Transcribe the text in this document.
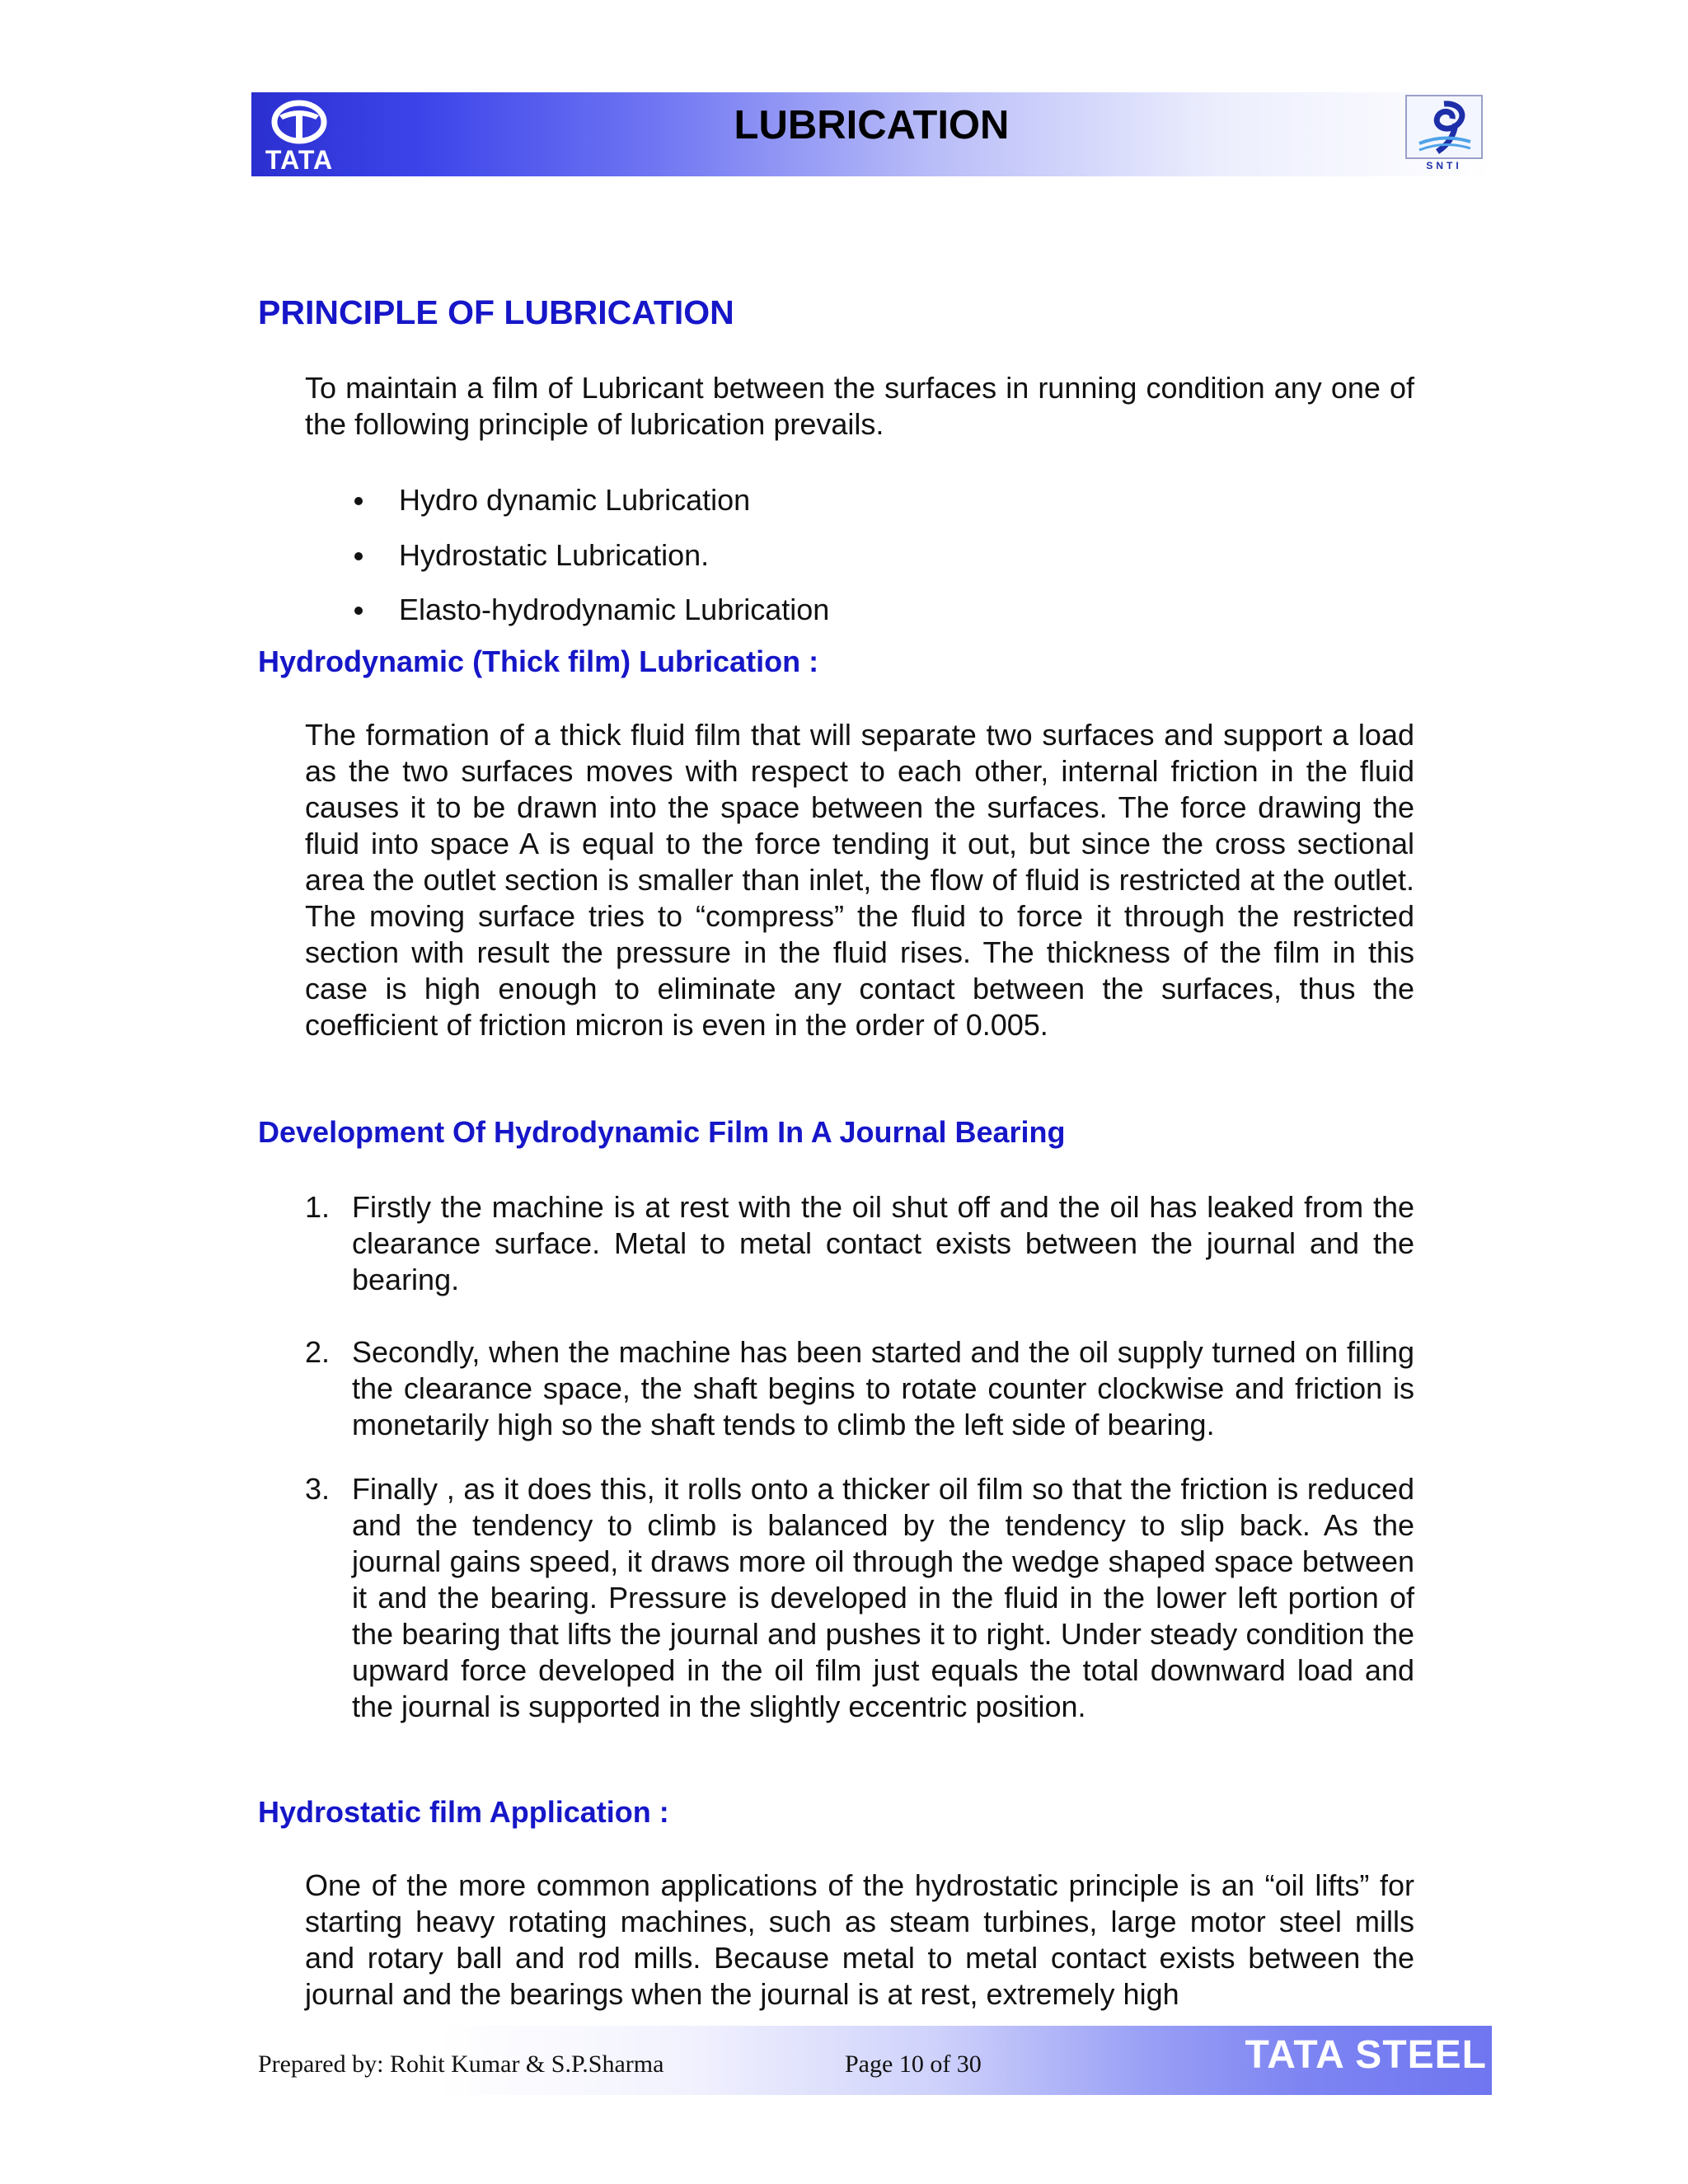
TATA
LUBRICATION
SNTI
PRINCIPLE OF LUBRICATION

To maintain a film of Lubricant between the surfaces in running condition any one of the following principle of lubrication prevails.

Hydro dynamic Lubrication
Hydrostatic Lubrication.
Elasto-hydrodynamic Lubrication
Hydrodynamic (Thick film) Lubrication :

The formation of a thick fluid film that will separate two surfaces and support a load as the two surfaces moves with respect to each other, internal friction in the fluid causes it to be drawn into the space between the surfaces. The force drawing the fluid into space A is equal to the force tending it out, but since the cross sectional area the outlet section is smaller than inlet, the flow of fluid is restricted at the outlet. The moving surface tries to “compress” the fluid to force it through the restricted section with result the pressure in the fluid rises. The thickness of the film in this case is high enough to eliminate any contact between the surfaces, thus the coefficient of friction micron is even in the order of 0.005.

Development Of Hydrodynamic Film In A Journal Bearing
1. Firstly the machine is at rest with the oil shut off and the oil has leaked from the clearance surface. Metal to metal contact exists between the journal and the bearing.
2. Secondly, when the machine has been started and the oil supply turned on filling the clearance space, the shaft begins to rotate counter clockwise and friction is monetarily high so the shaft tends to climb the left side of bearing.
3. Finally , as it does this, it rolls onto a thicker oil film so that the friction is reduced and the tendency to climb is balanced by the tendency to slip back. As the journal gains speed, it draws more oil through the wedge shaped space between it and the bearing. Pressure is developed in the fluid in the lower left portion of the bearing that lifts the journal and pushes it to right. Under steady condition the upward force developed in the oil film just equals the total downward load and the journal is supported in the slightly eccentric position.
Hydrostatic film Application :

One of the more common applications of the hydrostatic principle is an “oil lifts” for starting heavy rotating machines, such as steam turbines, large motor steel mills and rotary ball and rod mills. Because metal to metal contact exists between the journal and the bearings when the journal is at rest, extremely high

Prepared by: Rohit Kumar & S.P.Sharma	Page 10 of 30	TATA STEEL
